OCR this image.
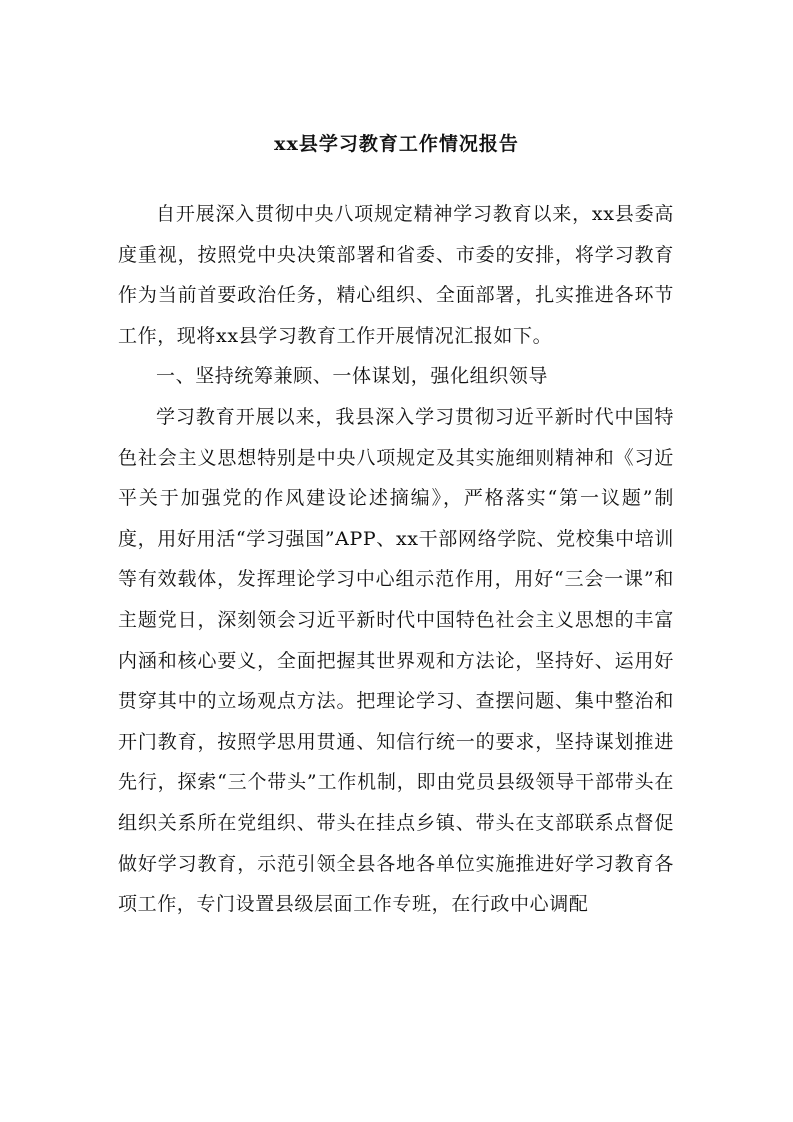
xx县学习教育工作情况报告

自开展深入贯彻中央八项规定精神学习教育以来，xx县委高度重视，按照党中央决策部署和省委、市委的安排，将学习教育作为当前首要政治任务，精心组织、全面部署，扎实推进各环节工作，现将xx县学习教育工作开展情况汇报如下。

一、坚持统筹兼顾、一体谋划，强化组织领导

学习教育开展以来，我县深入学习贯彻习近平新时代中国特色社会主义思想特别是中央八项规定及其实施细则精神和《习近平关于加强党的作风建设论述摘编》，严格落实“第一议题”制度，用好用活“学习强国”APP、xx干部网络学院、党校集中培训等有效载体，发挥理论学习中心组示范作用，用好“三会一课”和主题党日，深刻领会习近平新时代中国特色社会主义思想的丰富内涵和核心要义，全面把握其世界观和方法论，坚持好、运用好贯穿其中的立场观点方法。把理论学习、查摆问题、集中整治和开门教育，按照学思用贯通、知信行统一的要求，坚持谋划推进先行，探索“三个带头”工作机制，即由党员县级领导干部带头在组织关系所在党组织、带头在挂点乡镇、带头在支部联系点督促做好学习教育，示范引领全县各地各单位实施推进好学习教育各项工作，专门设置县级层面工作专班，在行政中心调配
